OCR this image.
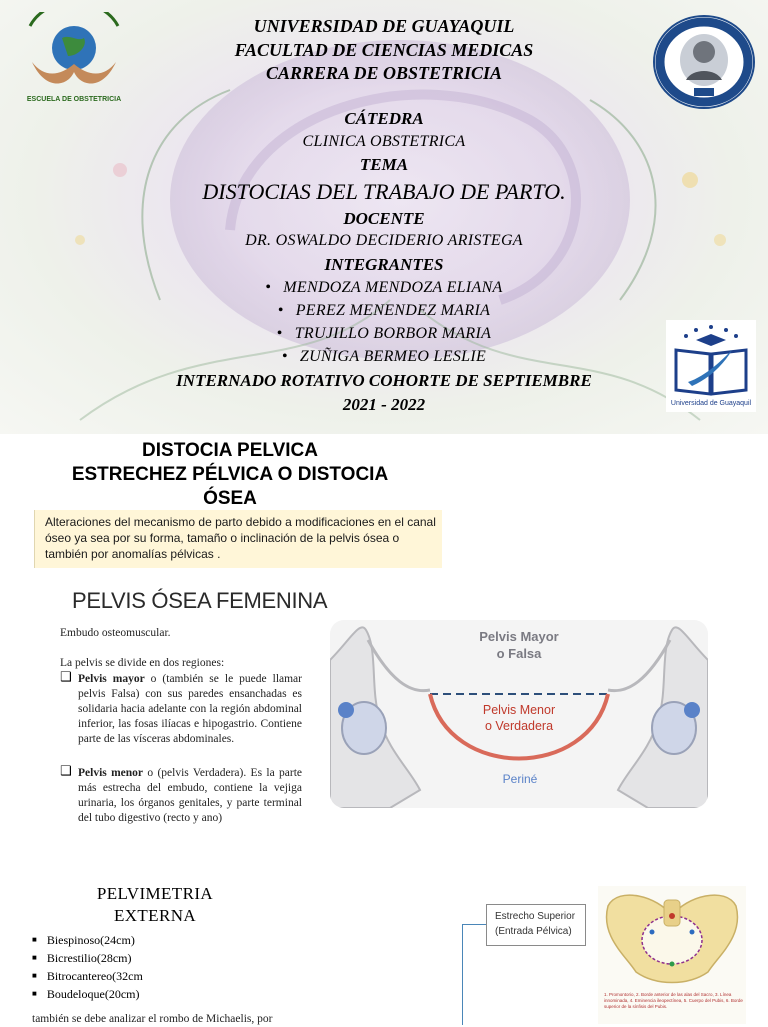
ESCUELA DE OBSTETRICIA
UNIVERSIDAD DE GUAYAQUIL
FACULTAD DE CIENCIAS MEDICAS
CARRERA DE OBSTETRICIA
CÁTEDRA
CLINICA OBSTETRICA
TEMA
DISTOCIAS DEL TRABAJO DE PARTO.
DOCENTE
DR. OSWALDO DECIDERIO ARISTEGA
INTEGRANTES
• MENDOZA MENDOZA ELIANA
• PEREZ MENENDEZ MARIA
• TRUJILLO BORBOR MARIA
• ZUÑIGA BERMEO LESLIE
INTERNADO ROTATIVO COHORTE DE SEPTIEMBRE
2021 - 2022	Universidad de Guayaquil
DISTOCIA PELVICA
ESTRECHEZ PÉLVICA O DISTOCIA
ÓSEA
Alteraciones del mecanismo de parto debido a modificaciones en el canal óseo ya sea por su forma, tamaño o inclinación de la pelvis ósea o también por anomalías pélvicas .
PELVIS ÓSEA FEMENINA
Embudo osteomuscular.
La pelvis se divide en dos regiones:
❑ Pelvis mayor o (también se le puede llamar pelvis Falsa) con sus paredes ensanchadas es solidaria hacia adelante con la región abdominal inferior, las fosas ilíacas e hipogastrio. Contiene parte de las vísceras abdominales.
❑ Pelvis menor o (pelvis Verdadera). Es la parte más estrecha del embudo, contiene la vejiga urinaria, los órganos genitales, y parte terminal del tubo digestivo (recto y ano)
Pelvis Mayor
o Falsa
Pelvis Menor
o Verdadera
Periné
PELVIMETRIA
EXTERNA
■ Biespinoso(24cm)
■ Bicrestilio(28cm)
■ Bitrocantereo(32cm
■ Boudeloque(20cm)
también se debe analizar el rombo de Michaelis, por
Estrecho Superior
(Entrada Pélvica)
1. Promontorio, 2. Borde anterior de las alas del Sacro, 3. Línea innominada, 4. Eminencia ileopectínea, 5. Cuerpo del Pubis, 6. Borde superior de la sínfisis del Pubis.
